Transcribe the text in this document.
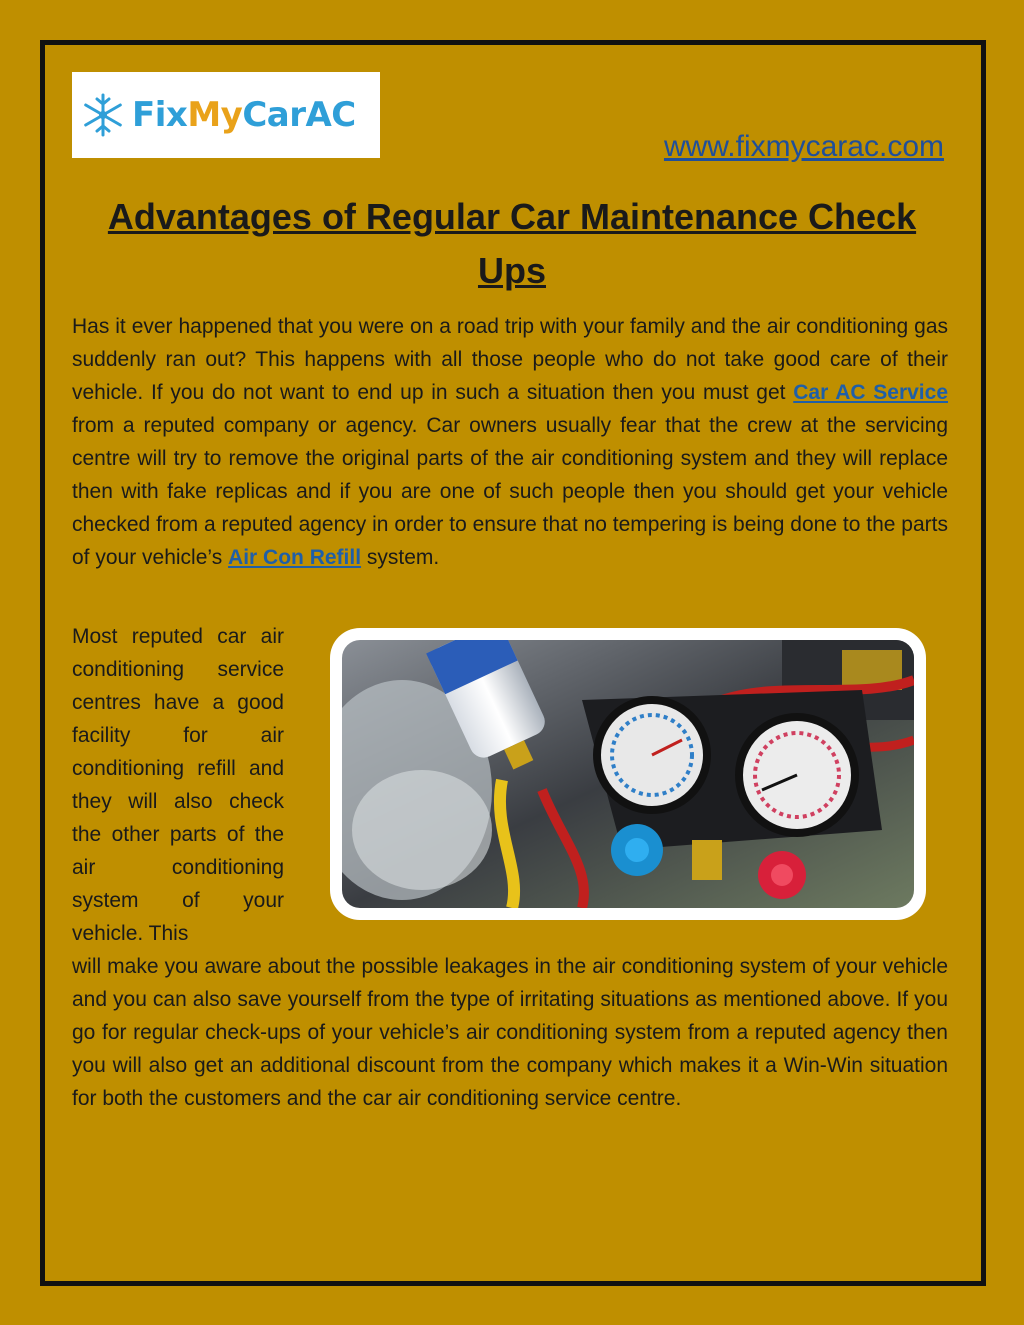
FixMyCarAC
www.fixmycarac.com
Advantages of Regular Car Maintenance Check Ups
Has it ever happened that you were on a road trip with your family and the air conditioning gas suddenly ran out? This happens with all those people who do not take good care of their vehicle. If you do not want to end up in such a situation then you must get Car AC Service from a reputed company or agency. Car owners usually fear that the crew at the servicing centre will try to remove the original parts of the air conditioning system and they will replace then with fake replicas and if you are one of such people then you should get your vehicle checked from a reputed agency in order to ensure that no tempering is being done to the parts of your vehicle’s Air Con Refill system.
Most reputed car air conditioning service centres have a good facility for air conditioning refill and they will also check the other parts of the air conditioning system of your vehicle. This
will make you aware about the possible leakages in the air conditioning system of your vehicle and you can also save yourself from the type of irritating situations as mentioned above. If you go for regular check-ups of your vehicle’s air conditioning system from a reputed agency then you will also get an additional discount from the company which makes it a Win-Win situation for both the customers and the car air conditioning service centre.
